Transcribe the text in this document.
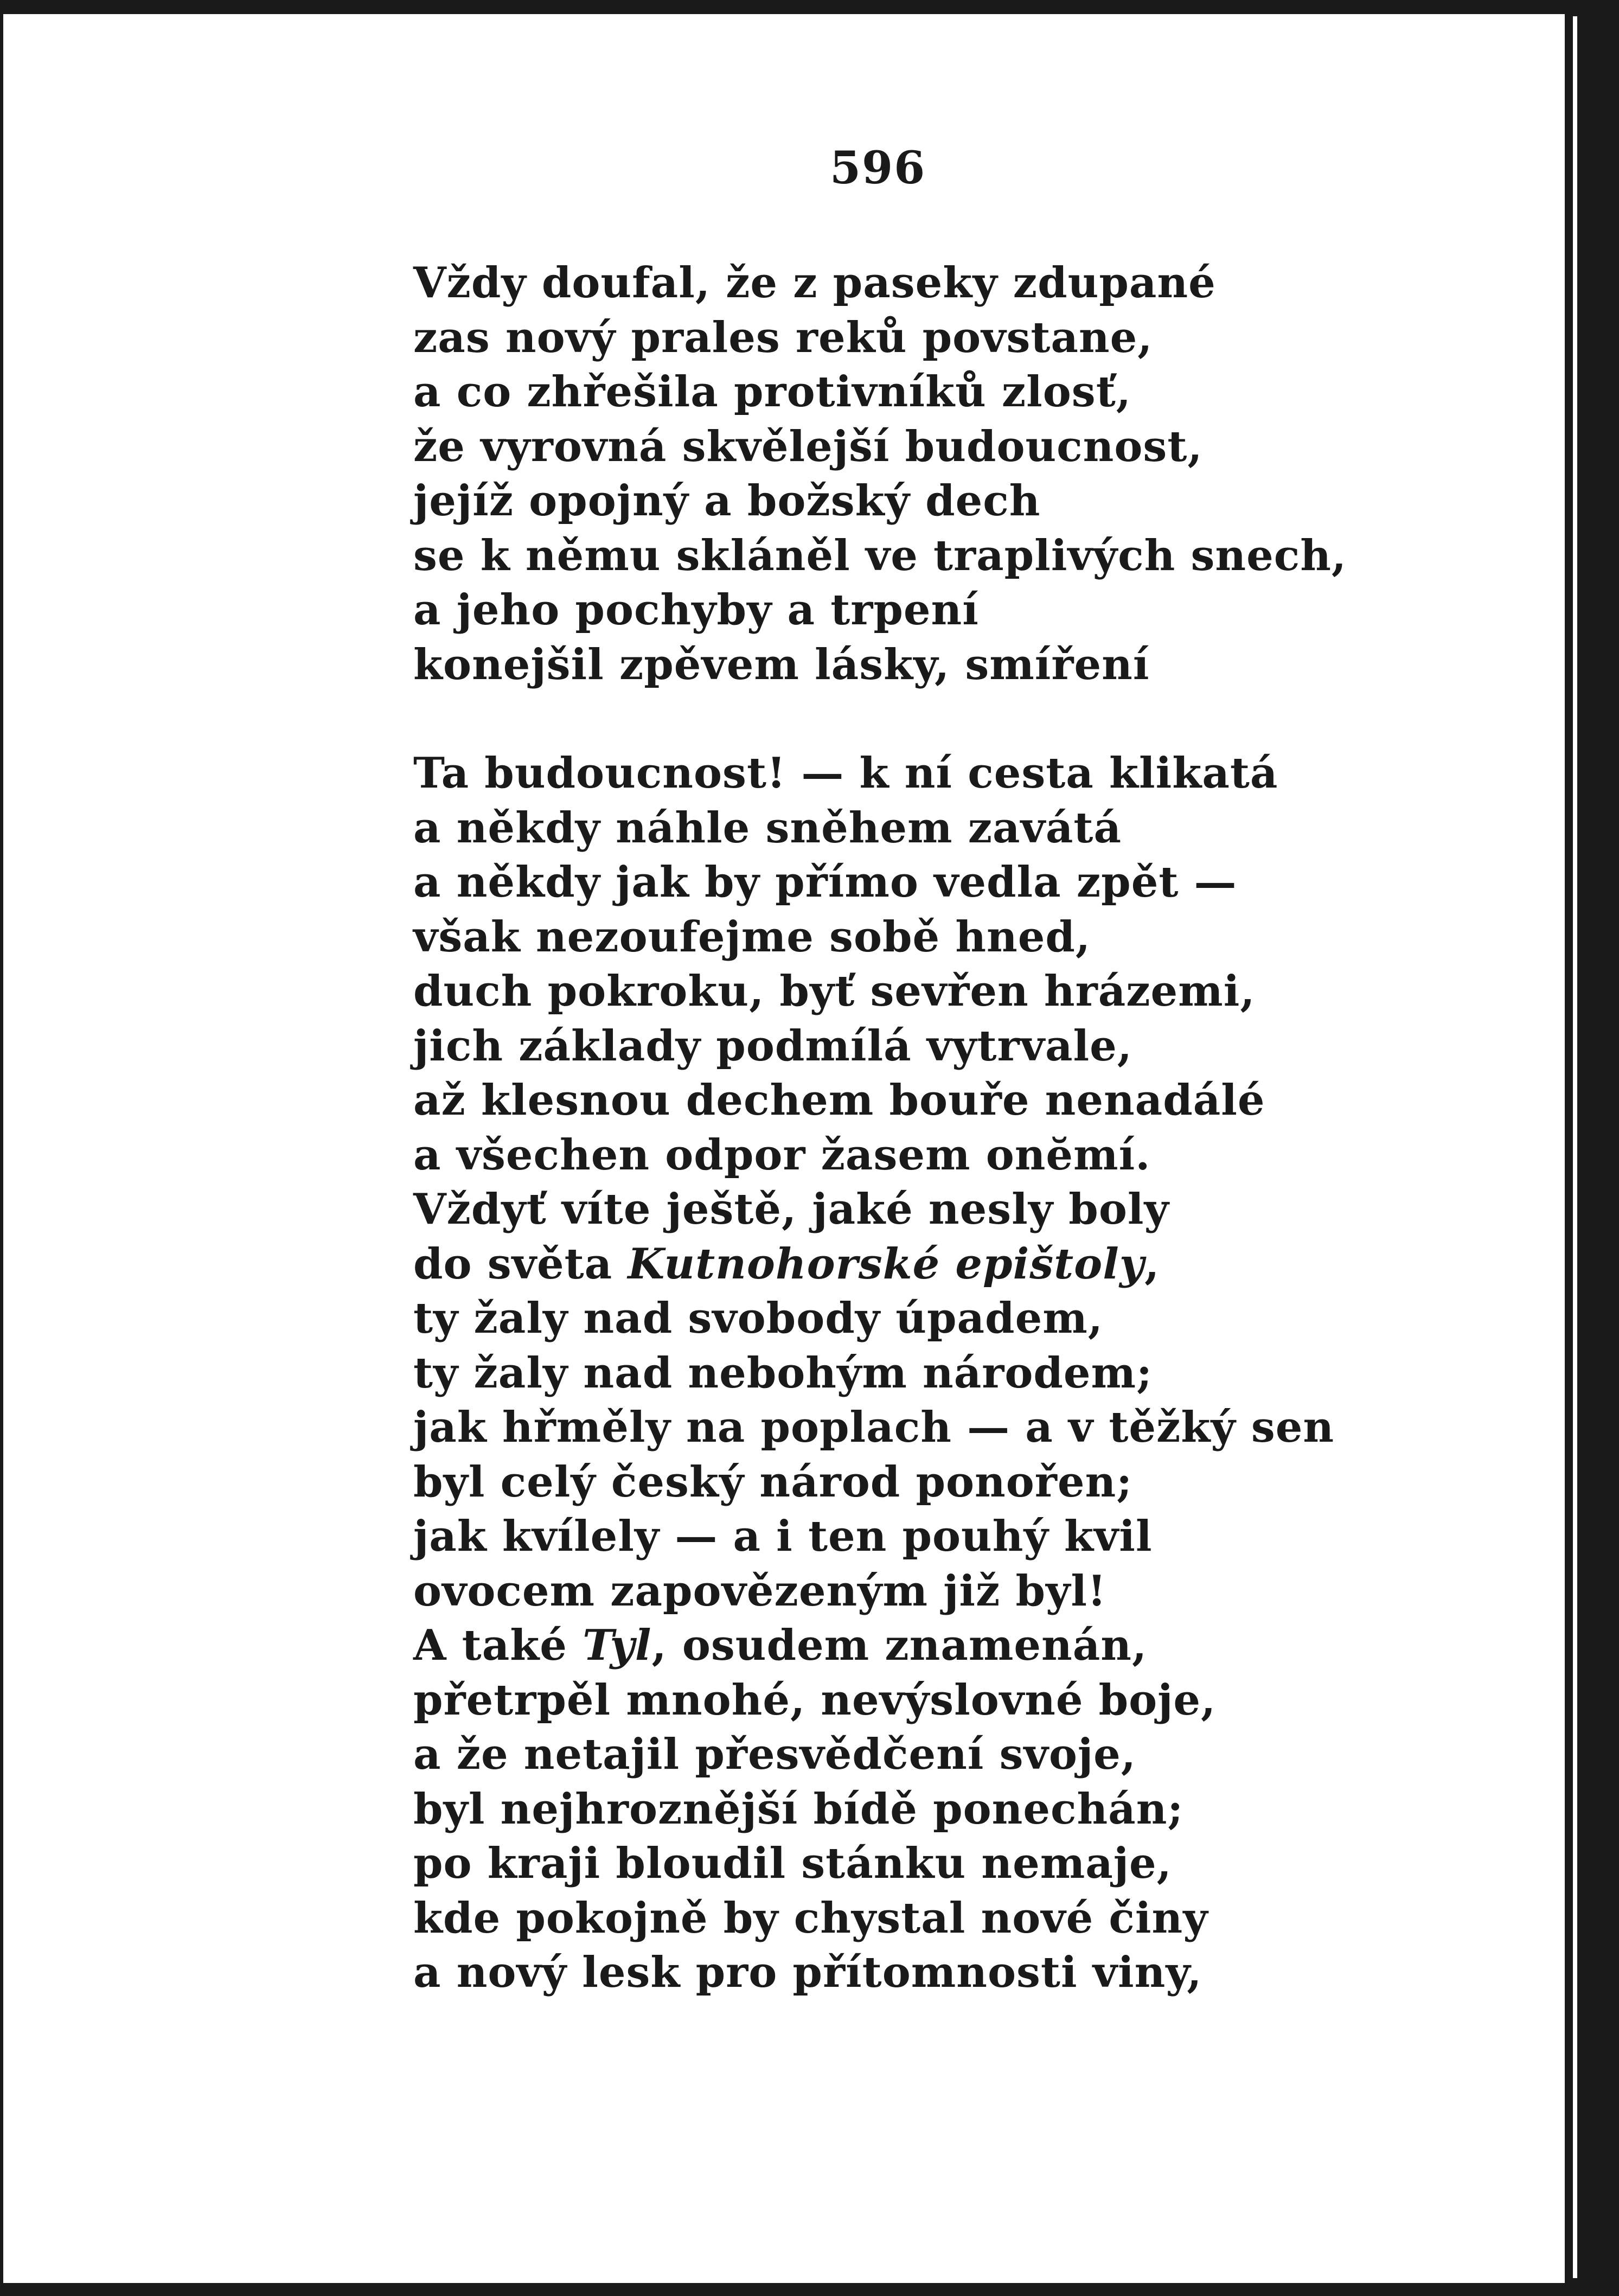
596
Vždy doufal, že z paseky zdupané
zas nový prales reků povstane,
a co zhřešila protivníků zlosť,
že vyrovná skvělejší budoucnost,
jejíž opojný a božský dech
se k němu skláněl ve traplivých snech,
a jeho pochyby a trpení
konejšil zpěvem lásky, smíření
Ta budoucnost! — k ní cesta klikatá
a někdy náhle sněhem zavátá
a někdy jak by přímo vedla zpět —
však nezoufejme sobě hned,
duch pokroku, byť sevřen hrázemi,
jich základy podmílá vytrvale,
až klesnou dechem bouře nenadálé
a všechen odpor žasem onĕmí.
Vždyť víte ještě, jaké nesly boly
do světa Kutnohorské epištoly,
ty žaly nad svobody úpadem,
ty žaly nad nebohým národem;
jak hřměly na poplach — a v těžký sen
byl celý český národ ponořen;
jak kvílely — a i ten pouhý kvil
ovocem zapovězeným již byl!
A také Tyl, osudem znamenán,
přetrpěl mnohé, nevýslovné boje,
a že netajil přesvědčení svoje,
byl nejhroznější bídě ponechán;
po kraji bloudil stánku nemaje,
kde pokojně by chystal nové činy
a nový lesk pro přítomnosti viny,
